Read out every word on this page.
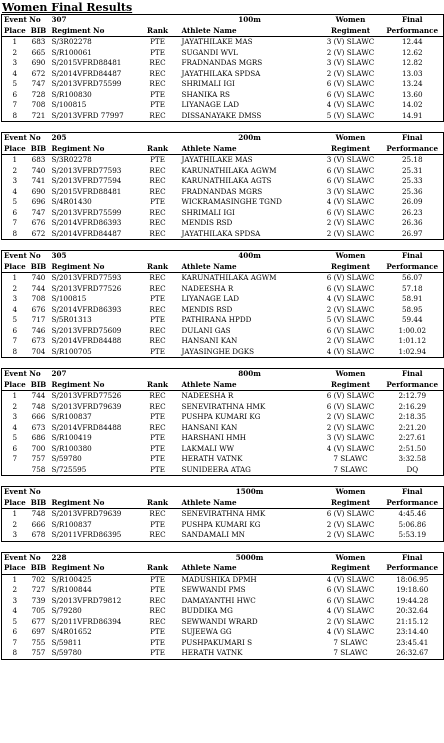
Women Final Results
Event No		307		100m	Women	Final
Place	BIB	Regiment No	Rank	Athlete Name	Regiment	Performance
1	683	S/3R02278	PTE	JAYATHILAKE MAS	3 (V) SLAWC	12.44
2	665	S/R100061	PTE	SUGANDI WVL	2 (V) SLAWC	12.62
3	690	S/2015VFRD88481	REC	FRADNANDAS MGRS	3 (V) SLAWC	12.82
4	672	S/2014VFRD84487	REC	JAYATHILAKA SPDSA	2 (V) SLAWC	13.03
5	747	S/2013VFRD75599	REC	SHRIMALI IGI	6 (V) SLAWC	13.24
6	728	S/R100830	PTE	SHANIKA RS	6 (V) SLAWC	13.60
7	708	S/100815	PTE	LIYANAGE LAD	4 (V) SLAWC	14.02
8	721	S/2013VFRD 77997	REC	DISSANAYAKE DMSS	5 (V) SLAWC	14.91
Event No		205		200m	Women	Final
Place	BIB	Regiment No	Rank	Athlete Name	Regiment	Performance
1	683	S/3R02278	PTE	JAYATHILAKE MAS	3 (V) SLAWC	25.18
2	740	S/2013VFRD77593	REC	KARUNATHILAKA AGWM	6 (V) SLAWC	25.31
3	741	S/2013VFRD77594	REC	KARUNATHILAKA AGTS	6 (V) SLAWC	25.33
4	690	S/2015VFRD88481	REC	FRADNANDAS MGRS	3 (V) SLAWC	25.36
5	696	S/4R01430	PTE	WICKRAMASINGHE TGND	4 (V) SLAWC	26.09
6	747	S/2013VFRD75599	REC	SHRIMALI IGI	6 (V) SLAWC	26.23
7	676	S/2014VFRD86393	REC	MENDIS RSD	2 (V) SLAWC	26.36
8	672	S/2014VFRD84487	REC	JAYATHILAKA SPDSA	2 (V) SLAWC	26.97
Event No		305		400m	Women	Final
Place	BIB	Regiment No	Rank	Athlete Name	Regiment	Performance
1	740	S/2013VFRD77593	REC	KARUNATHILAKA AGWM	6 (V) SLAWC	56.07
2	744	S/2013VFRD77526	REC	NADEESHA R	6 (V) SLAWC	57.18
3	708	S/100815	PTE	LIYANAGE LAD	4 (V) SLAWC	58.91
4	676	S/2014VFRD86393	REC	MENDIS RSD	2 (V) SLAWC	58.95
5	717	S/5R01313	PTE	PATHIRANA HPDD	5 (V) SLAWC	59.44
6	746	S/2013VFRD75609	REC	DULANI GAS	6 (V) SLAWC	1:00.02
7	673	S/2014VFRD84488	REC	HANSANI KAN	2 (V) SLAWC	1:01.12
8	704	S/R100705	PTE	JAYASINGHE DGKS	4 (V) SLAWC	1:02.94
Event No		207		800m	Women	Final
Place	BIB	Regiment No	Rank	Athlete Name	Regiment	Performance
1	744	S/2013VFRD77526	REC	NADEESHA R	6 (V) SLAWC	2:12.79
2	748	S/2013VFRD79639	REC	SENEVIRATHNA HMK	6 (V) SLAWC	2:16.29
3	666	S/R100837	PTE	PUSHPA KUMARI KG	2 (V) SLAWC	2:18.35
4	673	S/2014VFRD84488	REC	HANSANI KAN	2 (V) SLAWC	2:21.20
5	686	S/R100419	PTE	HARSHANI HMH	3 (V) SLAWC	2:27.61
6	700	S/R100380	PTE	LAKMALI WW	4 (V) SLAWC	2:51.50
7	757	S/59780	PTE	HERATH VATNK	7 SLAWC	3:32.58
	758	S/725595	PTE	SUNIDEERA ATAG	7 SLAWC	DQ
Event No				1500m	Women	Final
Place	BIB	Regiment No	Rank	Athlete Name	Regiment	Performance
1	748	S/2013VFRD79639	REC	SENEVIRATHNA HMK	6 (V) SLAWC	4:45.46
2	666	S/R100837	PTE	PUSHPA KUMARI KG	2 (V) SLAWC	5:06.86
3	678	S/2011VFRD86395	REC	SANDAMALI MN	2 (V) SLAWC	5:53.19
Event No		228		5000m	Women	Final
Place	BIB	Regiment No	Rank	Athlete Name	Regiment	Performance
1	702	S/R100425	PTE	MADUSHIKA DPMH	4 (V) SLAWC	18:06.95
2	727	S/R100844	PTE	SEWWANDI PMS	6 (V) SLAWC	19:18.60
3	739	S/2013VFRD79812	REC	DAMAYANTHI HWC	6 (V) SLAWC	19:44.28
4	705	S/79280	REC	BUDDIKA MG	4 (V) SLAWC	20:32.64
5	677	S/2011VFRD86394	REC	SEWWANDI WRARD	2 (V) SLAWC	21:15.12
6	697	S/4R01652	PTE	SUJEEWA GG	4 (V) SLAWC	23:14.40
7	755	S/59811	PTE	PUSHPAKUMARI S	7 SLAWC	23:45.41
8	757	S/59780	PTE	HERATH VATNK	7 SLAWC	26:32.67
